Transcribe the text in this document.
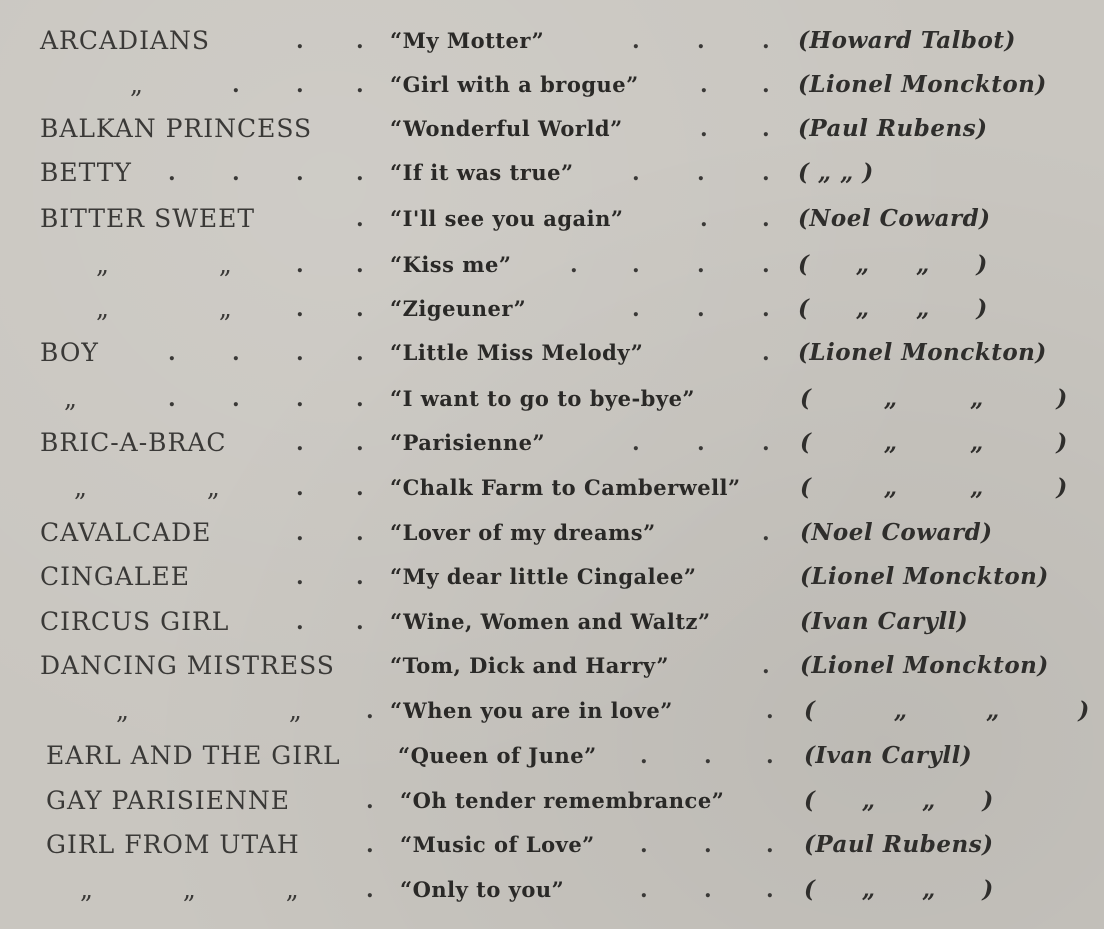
ARCADIANS	. . “My Motter”	.	.	. (Howard Talbot)
„	.	. . “Girl with a brogue”	. . (Lionel Monckton)
BALKAN PRINCESS	“Wonderful World”	. . (Paul Rubens)
BETTY .	.	. . “If it was true”	.	.	. ( „ „ )
BITTER SWEET	. “I'll see you again”	. . (Noel Coward)
„ „	. . “Kiss me”	. .	.	. ( „ „ )
„ „	. . “Zigeuner”	.	.	. ( „ „ )
BOY	.	.	. . “Little Miss Melody”	. (Lionel Monckton)
„	.	.	. . “I want to go to bye-bye”	( „ „ )
BRIC-A-BRAC	. . “Parisienne”	.	.	. ( „ „ )
„ „	. . “Chalk Farm to Camberwell”	( „ „ )
CAVALCADE	. . “Lover of my dreams”	. (Noel Coward)
CINGALEE	. . “My dear little Cingalee”	(Lionel Monckton)
CIRCUS GIRL	. . “Wine, Women and Waltz”	(Ivan Caryll)
DANCING MISTRESS	“Tom, Dick and Harry”	. (Lionel Monckton)
„ „	. “When you are in love”	. ( „ „ )
EARL AND THE GIRL	“Queen of June” .	. . (Ivan Caryll)
GAY PARISIENNE	. “Oh tender remembrance”	( „ „ )
GIRL FROM UTAH	. “Music of Love” .	. . (Paul Rubens)
„ „ „	. “Only to you”	.	. . ( „ „ )
